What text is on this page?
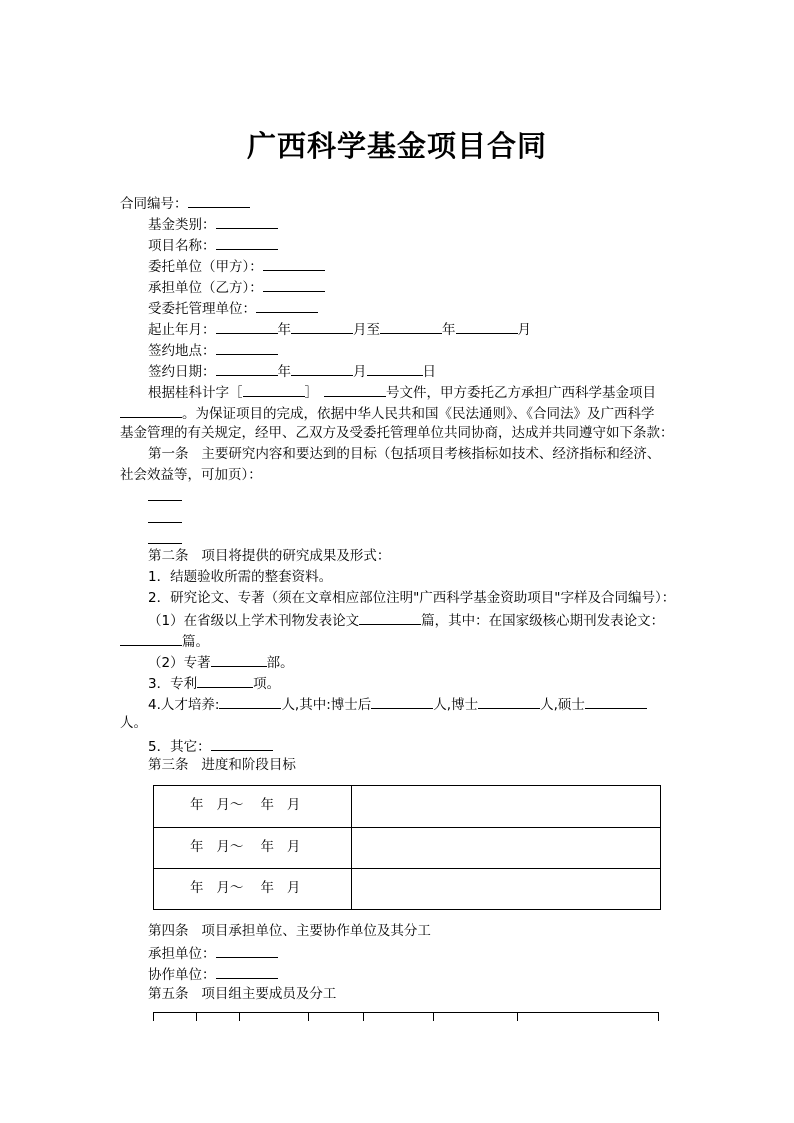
广西科学基金项目合同
合同编号：
基金类别：
项目名称：
委托单位（甲方）：
承担单位（乙方）：
受委托管理单位：
起止年月：	年	月至	年	月
签约地点：
签约日期：	年	月	日
根据桂科计字［	］	号文件，甲方委托乙方承担广西科学基金项目
。为保证项目的完成，依据中华人民共和国《民法通则》、《合同法》及广西科学
基金管理的有关规定，经甲、乙双方及受委托管理单位共同协商，达成并共同遵守如下条款：
第一条   主要研究内容和要达到的目标（包括项目考核指标如技术、经济指标和经济、
社会效益等，可加页）：
第二条   项目将提供的研究成果及形式：
1．结题验收所需的整套资料。
2．研究论文、专著（须在文章相应部位注明"广西科学基金资助项目"字样及合同编号）：
（1）在省级以上学术刊物发表论文	篇，其中：在国家级核心期刊发表论文：
篇。
（2）专著	部。
3．专利	项。
4.人才培养:	人,其中:博士后	人,博士	人,硕士
人。
5．其它：
第三条   进度和阶段目标
年   月～    年   月
年   月～    年   月
年   月～    年   月
第四条   项目承担单位、主要协作单位及其分工
承担单位：
协作单位：
第五条   项目组主要成员及分工
